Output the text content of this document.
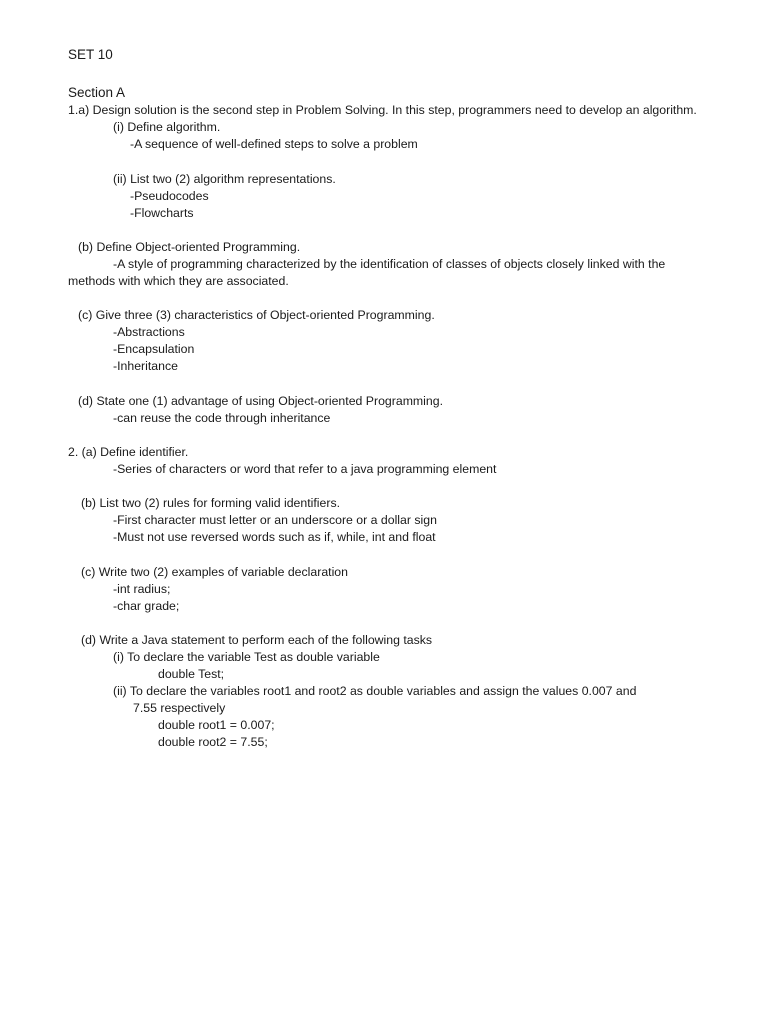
SET 10
Section A
1.a) Design solution is the second step in Problem Solving. In this step, programmers need to develop an algorithm.
(i) Define algorithm.
-A sequence of well-defined steps to solve a problem
(ii) List two (2) algorithm representations.
-Pseudocodes
-Flowcharts
(b) Define Object-oriented Programming.
-A style of programming characterized by the identification of classes of objects closely linked with the
methods with which they are associated.
(c) Give three (3) characteristics of Object-oriented Programming.
-Abstractions
-Encapsulation
-Inheritance
(d) State one (1) advantage of using Object-oriented Programming.
-can reuse the code through inheritance
2. (a) Define identifier.
-Series of characters or word that refer to a java programming element
(b) List two (2) rules for forming valid identifiers.
-First character must letter or an underscore or a dollar sign
-Must not use reversed words such as if, while, int and float
(c) Write two (2) examples of variable declaration
-int radius;
-char grade;
(d) Write a Java statement to perform each of the following tasks
(i) To declare the variable Test as double variable
double Test;
(ii) To declare the variables root1 and root2 as double variables and assign the values 0.007 and
7.55 respectively
double root1 = 0.007;
double root2 = 7.55;
